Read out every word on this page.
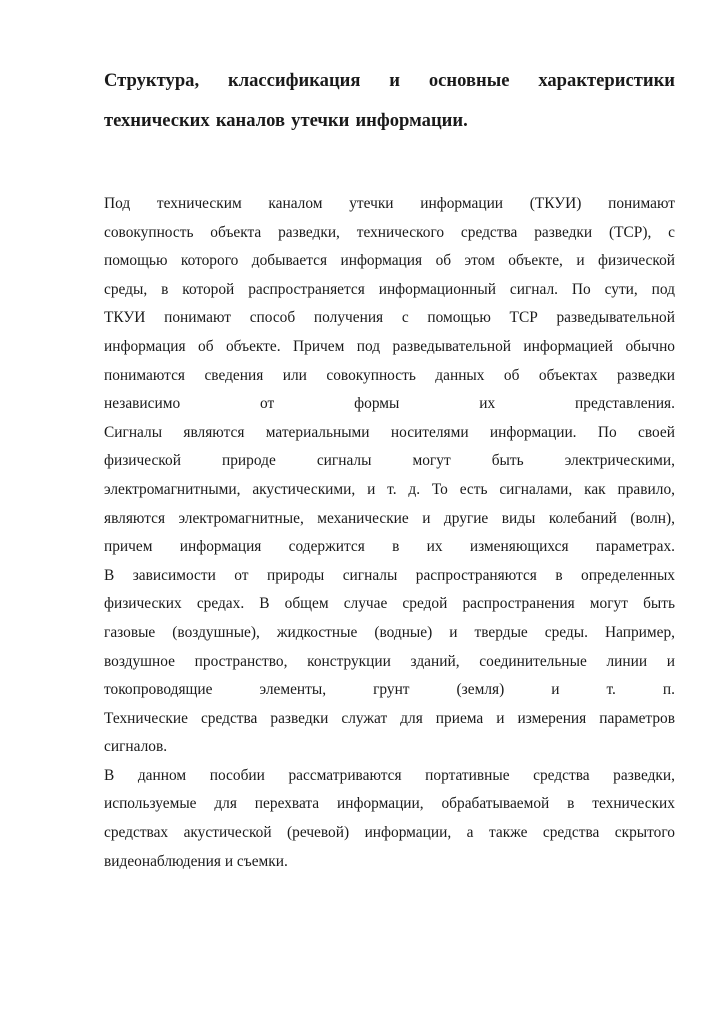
Структура, классификация и основные характеристики технических каналов утечки информации.
Под техническим каналом утечки информации (ТКУИ) понимают
совокупность объекта разведки, технического средства разведки (ТСР), с
помощью которого добывается информация об этом объекте, и физической
среды, в которой распространяется информационный сигнал. По сути, под
ТКУИ понимают способ получения с помощью ТСР разведывательной
информация об объекте. Причем под разведывательной информацией обычно
понимаются сведения или совокупность данных об объектах разведки
независимо от формы их представления.
Сигналы являются материальными носителями информации. По своей
физической природе сигналы могут быть электрическими,
электромагнитными, акустическими, и т. д. То есть сигналами, как правило,
являются электромагнитные, механические и другие виды колебаний (волн),
причем информация содержится в их изменяющихся параметрах.
В зависимости от природы сигналы распространяются в определенных
физических средах. В общем случае средой распространения могут быть
газовые (воздушные), жидкостные (водные) и твердые среды. Например,
воздушное пространство, конструкции зданий, соединительные линии и
токопроводящие элементы, грунт (земля) и т. п.
Технические средства разведки служат для приема и измерения параметров
сигналов.
В данном пособии рассматриваются портативные средства разведки,
используемые для перехвата информации, обрабатываемой в технических
средствах акустической (речевой) информации, а также средства скрытого
видеонаблюдения и съемки.
